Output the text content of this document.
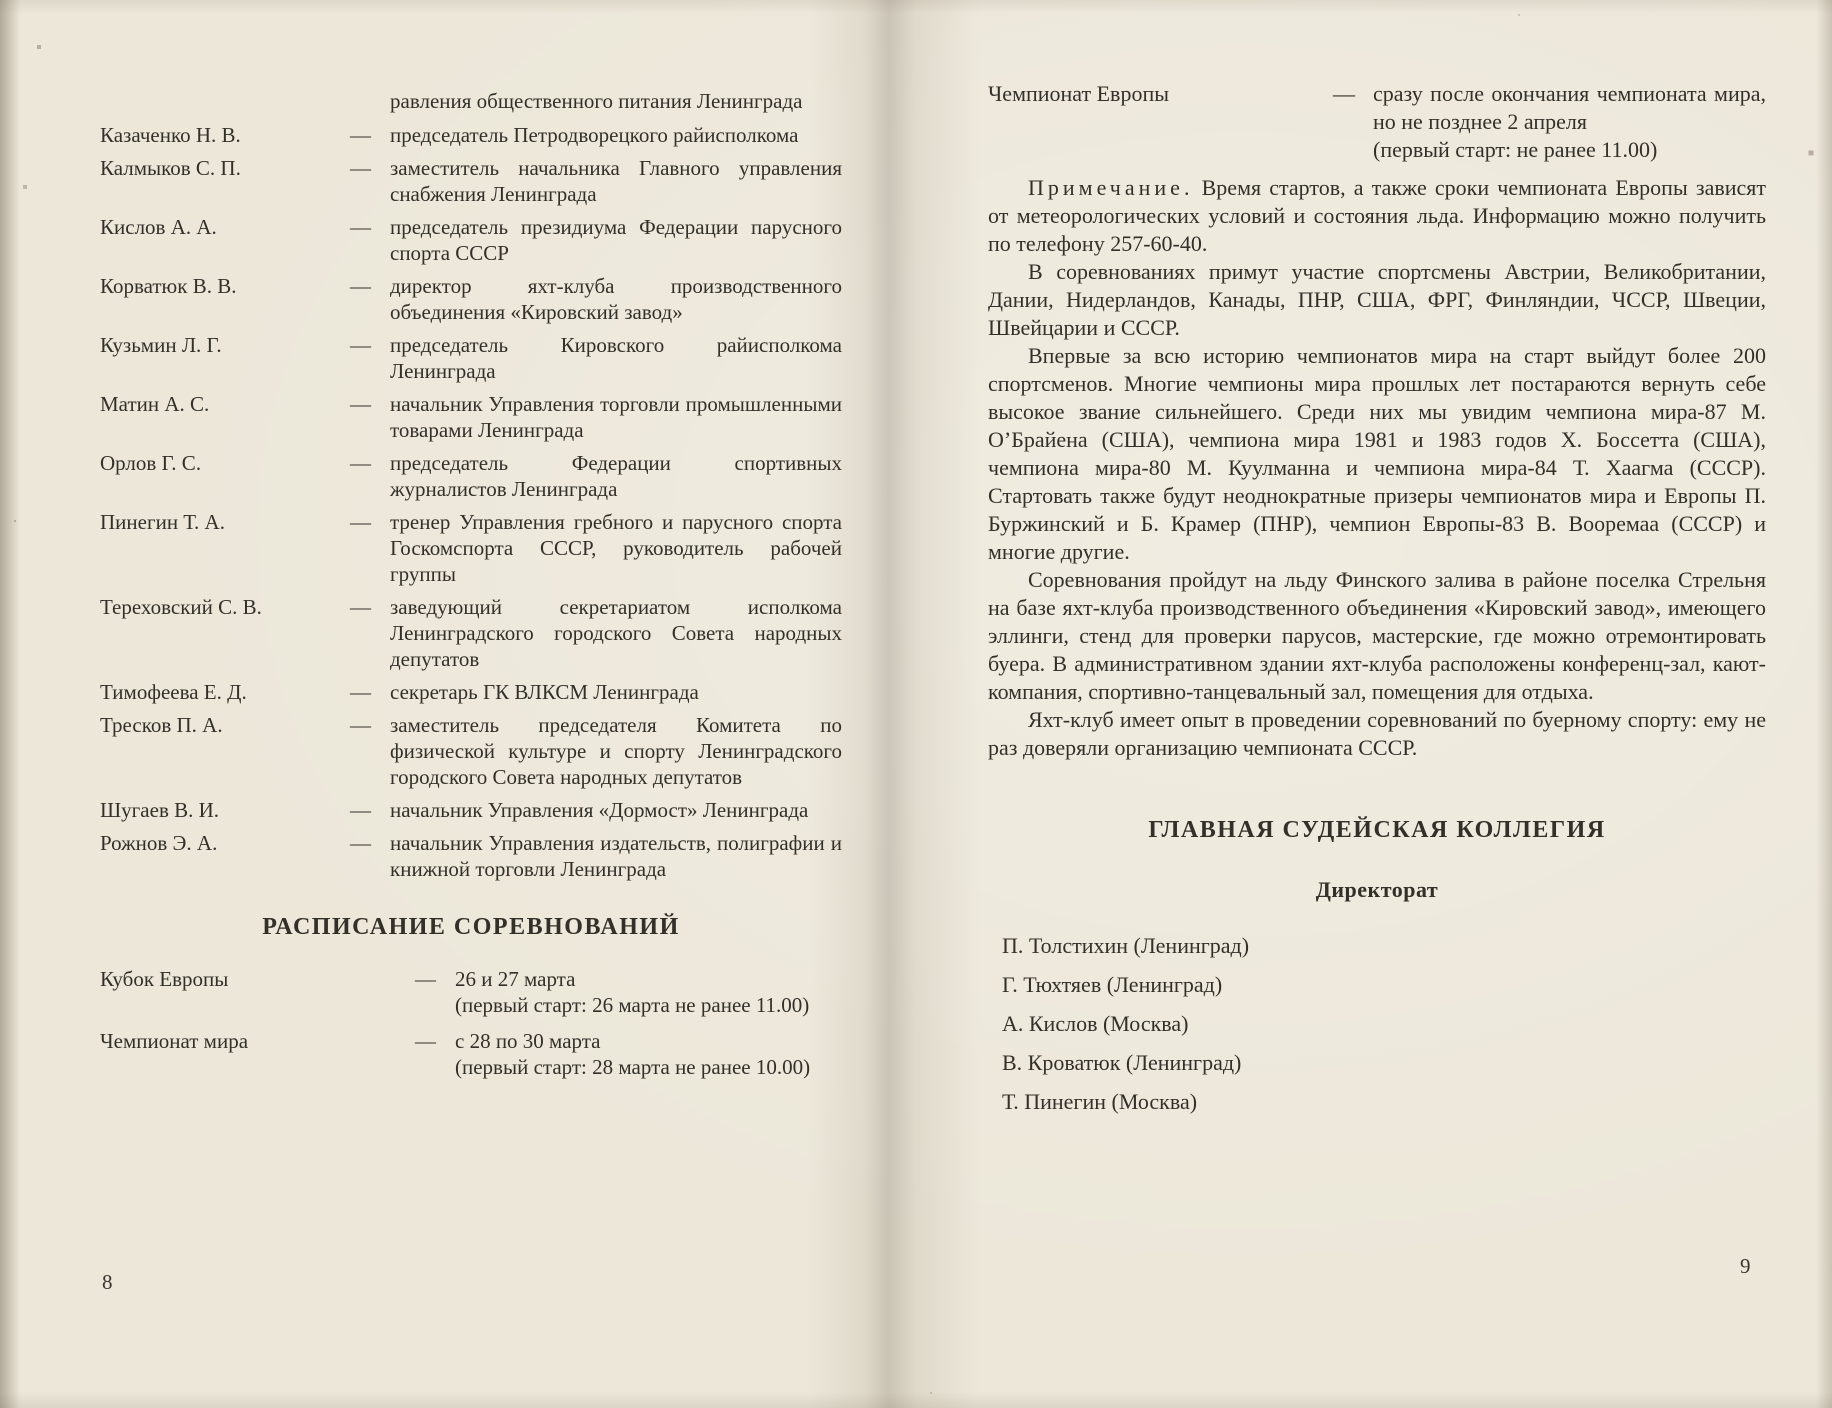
равления общественного питания Ленинграда

Казаченко Н. В.	— председатель Петродворецкого райисполкома
Калмыков С. П.	— заместитель начальника Главного управления снабжения Ленинграда
Кислов А. А.	— председатель президиума Федерации парусного спорта СССР
Корватюк В. В.	— директор яхт-клуба производственного объединения «Кировский завод»
Кузьмин Л. Г.	— председатель Кировского райисполкома Ленинграда
Матин А. С.	— начальник Управления торговли промышленными товарами Ленинграда
Орлов Г. С.	— председатель Федерации спортивных журналистов Ленинграда
Пинегин Т. А.	— тренер Управления гребного и парусного спорта Госкомспорта СССР, руководитель рабочей группы
Тереховский С. В.	— заведующий секретариатом исполкома Ленинградского городского Совета народных депутатов
Тимофеева Е. Д.	— секретарь ГК ВЛКСМ Ленинграда
Тресков П. А.	— заместитель председателя Комитета по физической культуре и спорту Ленинградского городского Совета народных депутатов
Шугаев В. И.	— начальник Управления «Дормост» Ленинграда
Рожнов Э. А.	— начальник Управления издательств, полиграфии и книжной торговли Ленинграда
РАСПИСАНИЕ СОРЕВНОВАНИЙ
Кубок Европы	— 26 и 27 марта
(первый старт: 26 марта не ранее 11.00)
Чемпионат мира	— с 28 по 30 марта
(первый старт: 28 марта не ранее 10.00)
Чемпионат Европы	— сразу после окончания чемпионата мира, но не позднее 2 апреля
(первый старт: не ранее 11.00)

Примечание. Время стартов, а также сроки чемпионата Европы зависят от метеорологических условий и состояния льда. Информацию можно получить по телефону 257-60-40.

В соревнованиях примут участие спортсмены Австрии, Великобритании, Дании, Нидерландов, Канады, ПНР, США, ФРГ, Финляндии, ЧССР, Швеции, Швейцарии и СССР.

Впервые за всю историю чемпионатов мира на старт выйдут более 200 спортсменов. Многие чемпионы мира прошлых лет постараются вернуть себе высокое звание сильнейшего. Среди них мы увидим чемпиона мира-87 М. О’Брайена (США), чемпиона мира 1981 и 1983 годов Х. Боссетта (США), чемпиона мира-80 М. Куулманна и чемпиона мира-84 Т. Хаагма (СССР). Стартовать также будут неоднократные призеры чемпионатов мира и Европы П. Буржинский и Б. Крамер (ПНР), чемпион Европы-83 В. Вооремаа (СССР) и многие другие.

Соревнования пройдут на льду Финского залива в районе поселка Стрельня на базе яхт-клуба производственного объединения «Кировский завод», имеющего эллинги, стенд для проверки парусов, мастерские, где можно отремонтировать буера. В административном здании яхт-клуба расположены конференц-зал, кают-компания, спортивно-танцевальный зал, помещения для отдыха.

Яхт-клуб имеет опыт в проведении соревнований по буерному спорту: ему не раз доверяли организацию чемпионата СССР.

ГЛАВНАЯ СУДЕЙСКАЯ КОЛЛЕГИЯ
Директорат

П. Толстихин (Ленинград)

Г. Тюхтяев (Ленинград)

А. Кислов (Москва)

В. Кроватюк (Ленинград)

Т. Пинегин (Москва)

8
9
